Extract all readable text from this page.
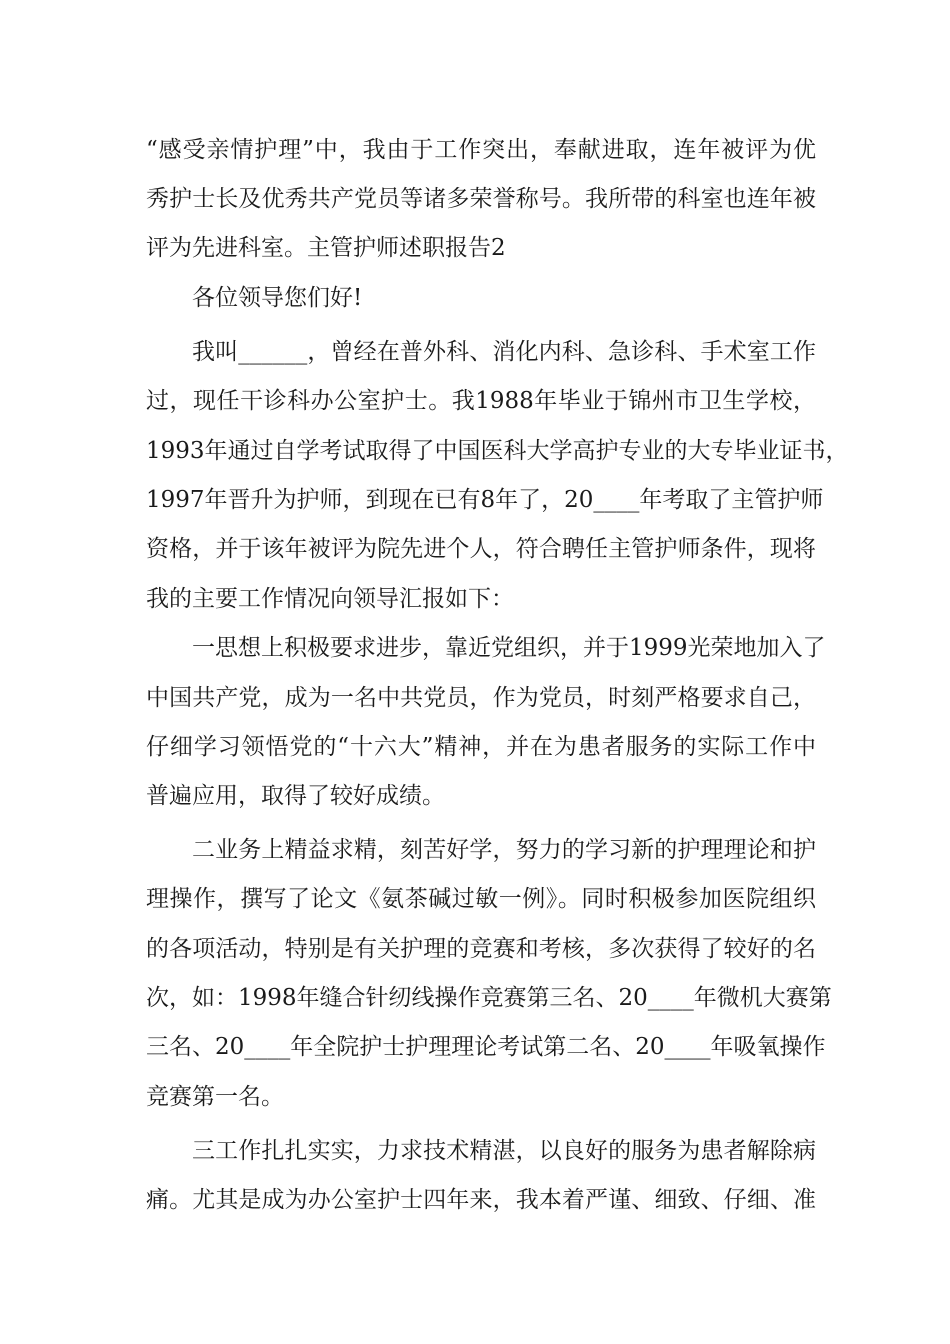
“感受亲情护理”中，我由于工作突出，奉献进取，连年被评为优
秀护士长及优秀共产党员等诸多荣誉称号。我所带的科室也连年被
评为先进科室。主管护师述职报告2
各位领导您们好!
我叫______，曾经在普外科、消化内科、急诊科、手术室工作
过，现任干诊科办公室护士。我1988年毕业于锦州市卫生学校，
1993年通过自学考试取得了中国医科大学高护专业的大专毕业证书，
1997年晋升为护师，到现在已有8年了，20____年考取了主管护师
资格，并于该年被评为院先进个人，符合聘任主管护师条件，现将
我的主要工作情况向领导汇报如下：
一思想上积极要求进步，靠近党组织，并于1999光荣地加入了
中国共产党，成为一名中共党员，作为党员，时刻严格要求自己，
仔细学习领悟党的“十六大”精神，并在为患者服务的实际工作中
普遍应用，取得了较好成绩。
二业务上精益求精，刻苦好学，努力的学习新的护理理论和护
理操作，撰写了论文《氨茶碱过敏一例》。同时积极参加医院组织
的各项活动，特别是有关护理的竞赛和考核，多次获得了较好的名
次，如：1998年缝合针纫线操作竞赛第三名、20____年微机大赛第
三名、20____年全院护士护理理论考试第二名、20____年吸氧操作
竞赛第一名。
三工作扎扎实实，力求技术精湛，以良好的服务为患者解除病
痛。尤其是成为办公室护士四年来，我本着严谨、细致、仔细、准
